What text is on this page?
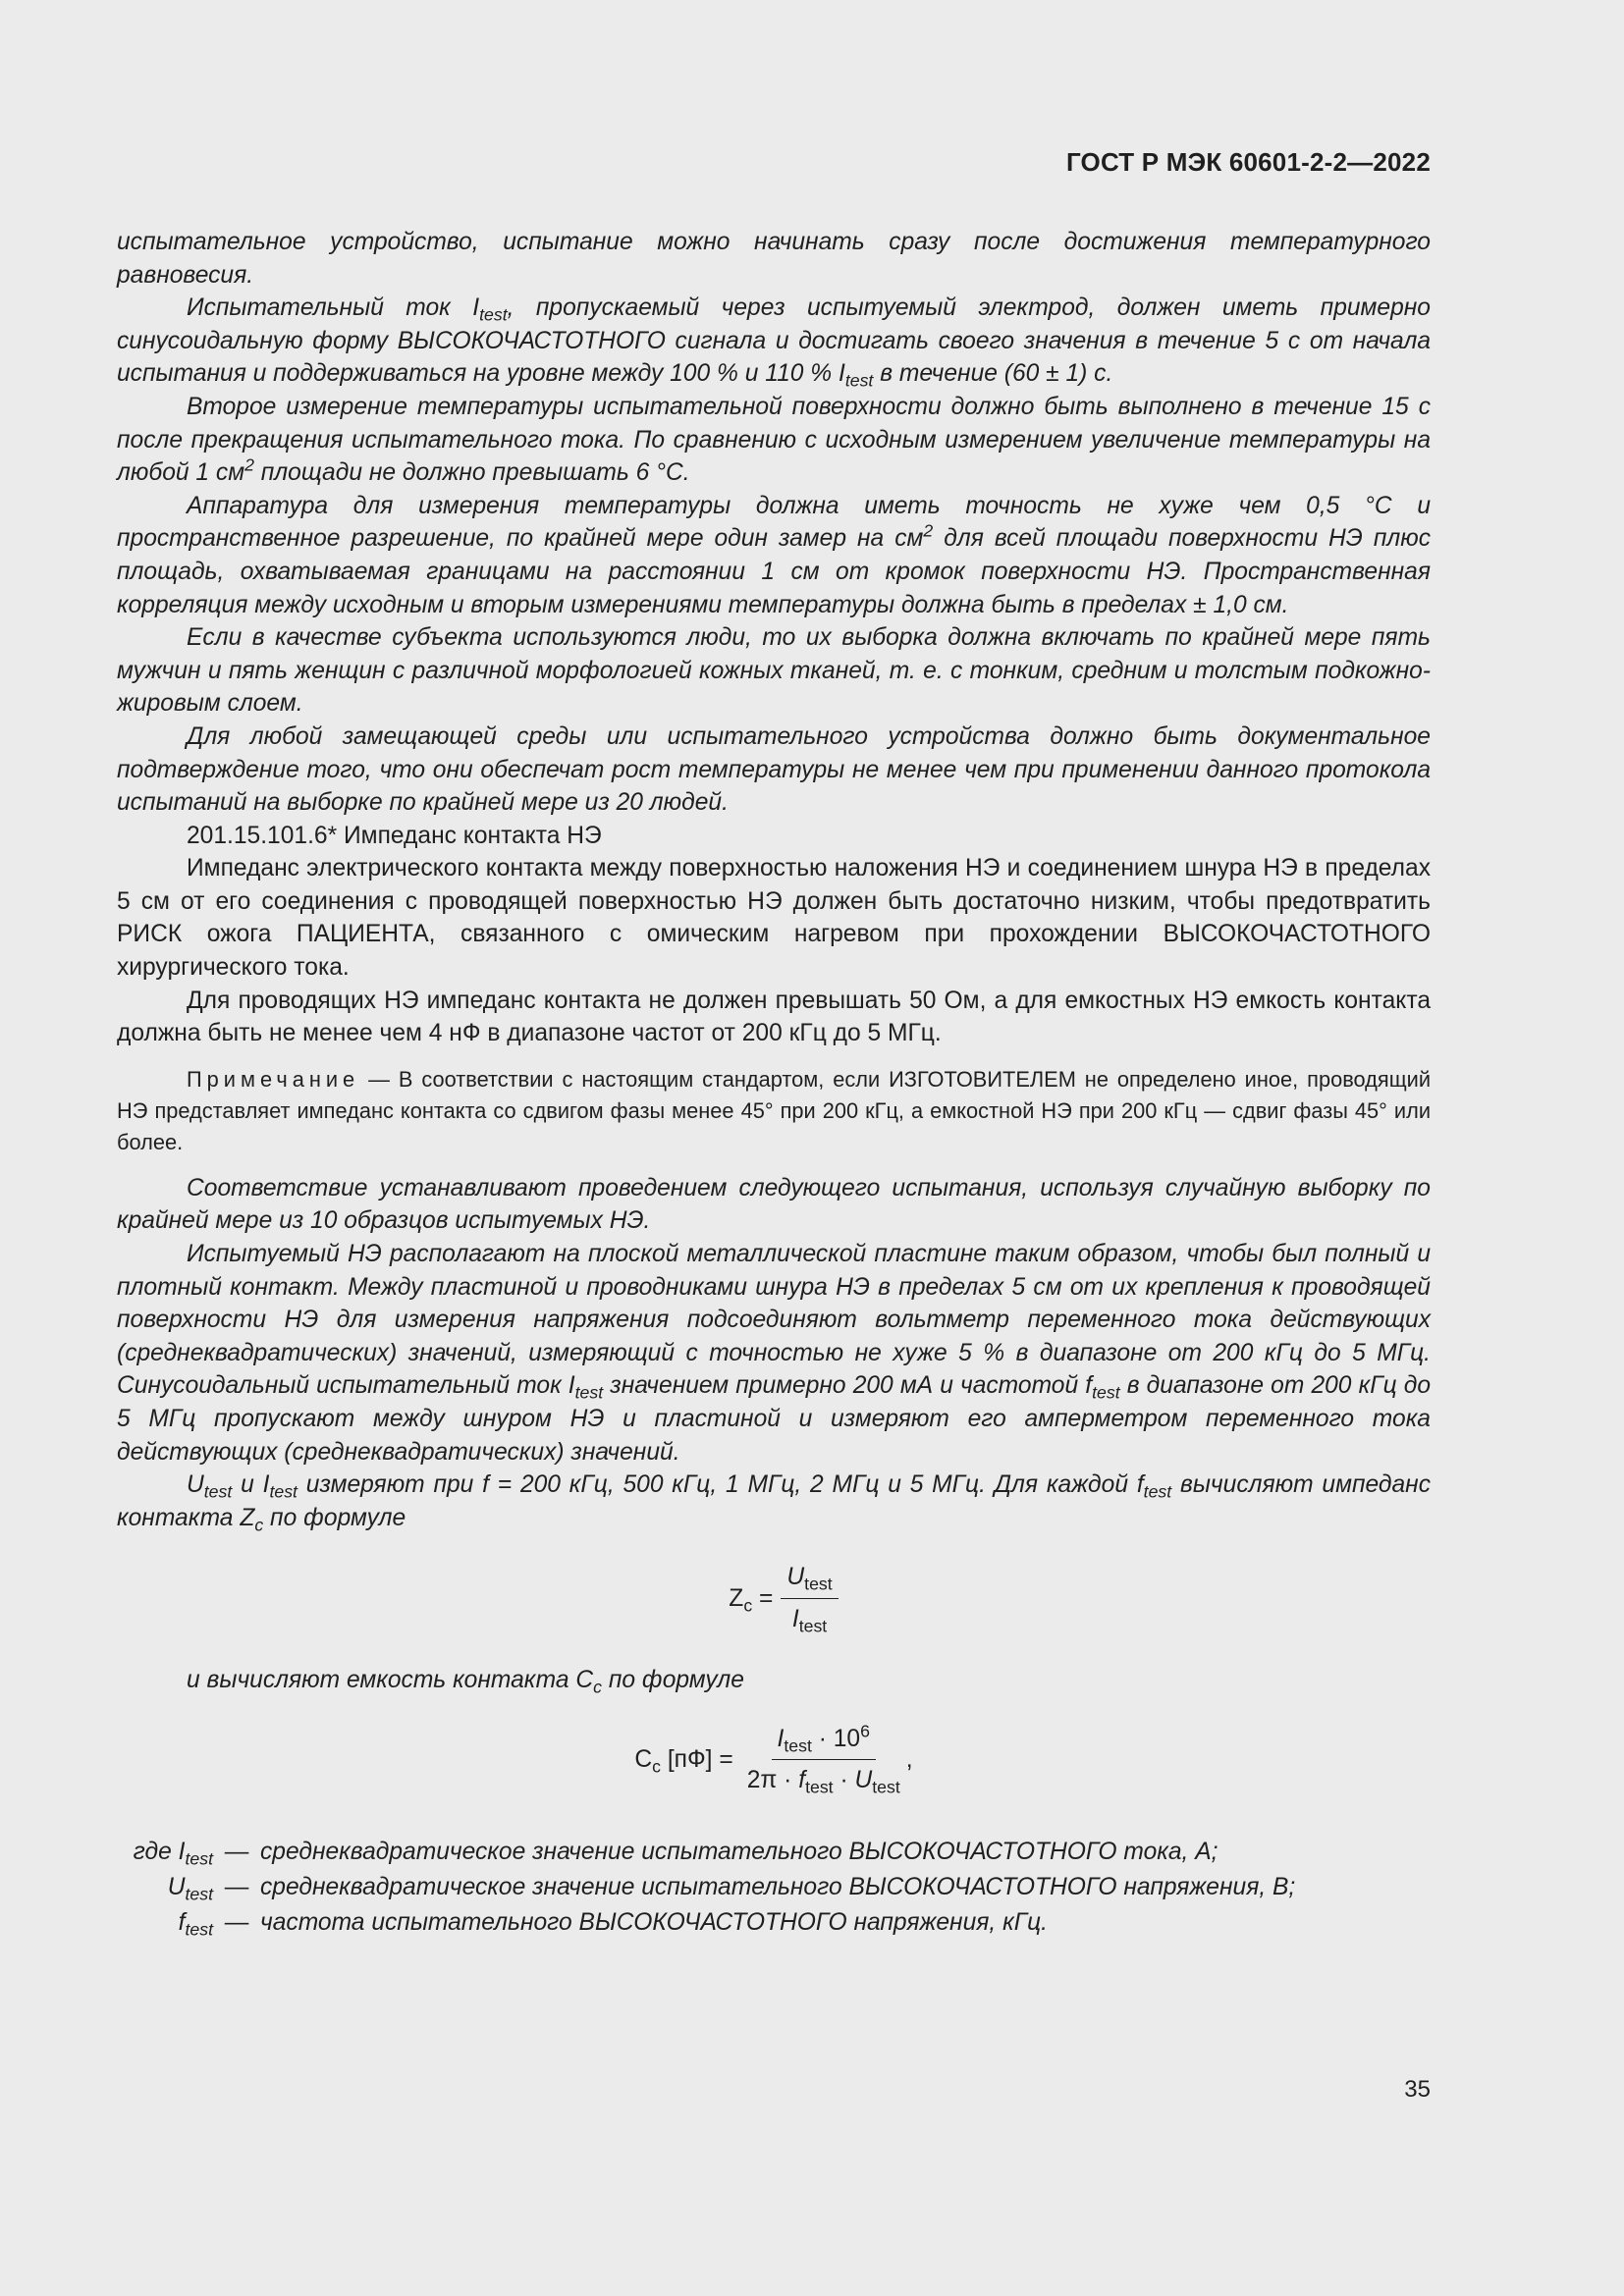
ГОСТ Р МЭК 60601-2-2—2022

испытательное устройство, испытание можно начинать сразу после достижения температурного равновесия.

Испытательный ток $I_{test}$, пропускаемый через испытуемый электрод, должен иметь примерно синусоидальную форму ВЫСОКОЧАСТОТНОГО сигнала и достигать своего значения в течение 5 с от начала испытания и поддерживаться на уровне между 100 % и 110 % $I_{test}$ в течение (60 ± 1) с.

Второе измерение температуры испытательной поверхности должно быть выполнено в течение 15 с после прекращения испытательного тока. По сравнению с исходным измерением увеличение температуры на любой 1 $см^2$ площади не должно превышать 6 °С.

Аппаратура для измерения температуры должна иметь точность не хуже чем 0,5 °С и пространственное разрешение, по крайней мере один замер на $см^2$ для всей площади поверхности НЭ плюс площадь, охватываемая границами на расстоянии 1 см от кромок поверхности НЭ. Пространственная корреляция между исходным и вторым измерениями температуры должна быть в пределах ± 1,0 см.

Если в качестве субъекта используются люди, то их выборка должна включать по крайней мере пять мужчин и пять женщин с различной морфологией кожных тканей, т. е. с тонким, средним и толстым подкожно-жировым слоем.

Для любой замещающей среды или испытательного устройства должно быть документальное подтверждение того, что они обеспечат рост температуры не менее чем при применении данного протокола испытаний на выборке по крайней мере из 20 людей.

201.15.101.6* Импеданс контакта НЭ

Импеданс электрического контакта между поверхностью наложения НЭ и соединением шнура НЭ в пределах 5 см от его соединения с проводящей поверхностью НЭ должен быть достаточно низким, чтобы предотвратить РИСК ожога ПАЦИЕНТА, связанного с омическим нагревом при прохождении ВЫСОКОЧАСТОТНОГО хирургического тока.

Для проводящих НЭ импеданс контакта не должен превышать 50 Ом, а для емкостных НЭ емкость контакта должна быть не менее чем 4 нФ в диапазоне частот от 200 кГц до 5 МГц.

Примечание — В соответствии с настоящим стандартом, если ИЗГОТОВИТЕЛЕМ не определено иное, проводящий НЭ представляет импеданс контакта со сдвигом фазы менее 45° при 200 кГц, а емкостной НЭ при 200 кГц — сдвиг фазы 45° или более.

Соответствие устанавливают проведением следующего испытания, используя случайную выборку по крайней мере из 10 образцов испытуемых НЭ.

Испытуемый НЭ располагают на плоской металлической пластине таким образом, чтобы был полный и плотный контакт. Между пластиной и проводниками шнура НЭ в пределах 5 см от их крепления к проводящей поверхности НЭ для измерения напряжения подсоединяют вольтметр переменного тока действующих (среднеквадратических) значений, измеряющий с точностью не хуже 5 % в диапазоне от 200 кГц до 5 МГц. Синусоидальный испытательный ток $I_{test}$ значением примерно 200 мА и частотой $f_{test}$ в диапазоне от 200 кГц до 5 МГц пропускают между шнуром НЭ и пластиной и измеряют его амперметром переменного тока действующих (среднеквадратических) значений.

$U_{test}$ и $I_{test}$ измеряют при f = 200 кГц, 500 кГц, 1 МГц, 2 МГц и 5 МГц. Для каждой $f_{test}$ вычисляют импеданс контакта $Z_c$ по формуле

$Z_c = \frac{U_{test}}{I_{test}}$

и вычисляют емкость контакта $C_c$ по формуле

$C_c$ $[пФ] = \frac{I_{test} \cdot 10^6}{2\pi \cdot f_{test} \cdot U_{test}}$ ,
где $I_{test}$ — среднеквадратическое значение испытательного ВЫСОКОЧАСТОТНОГО тока, А;
$U_{test}$ — среднеквадратическое значение испытательного ВЫСОКОЧАСТОТНОГО напряжения, В;
$f_{test}$ — частота испытательного ВЫСОКОЧАСТОТНОГО напряжения, кГц.
35
